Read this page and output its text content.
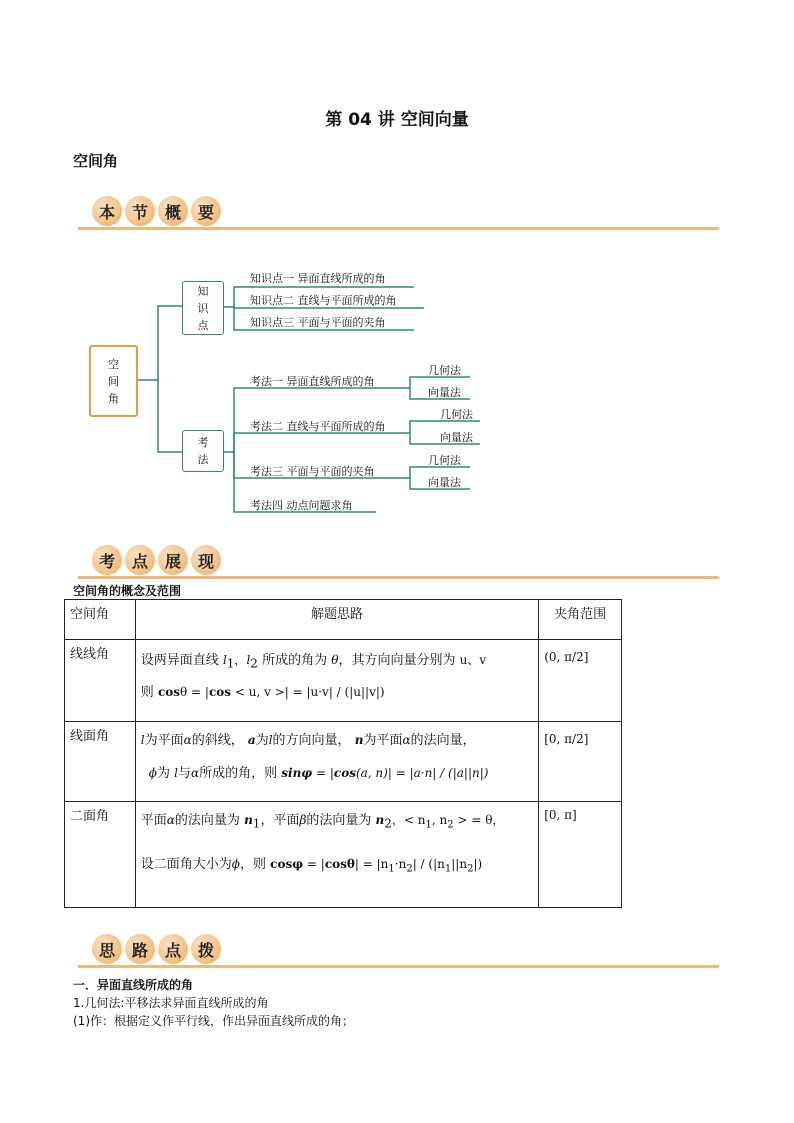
第 04 讲 空间向量
空间角
本	节	概	要
空间角
知识点
考法
知识点一 异面直线所成的角
知识点二 直线与平面所成的角
知识点三 平面与平面的夹角
考法一 异面直线所成的角
考法二 直线与平面所成的角
考法三 平面与平面的夹角
考法四 动点问题求角
几何法
向量法
几何法
向量法
几何法
向量法
考	点	展	现
空间角的概念及范围
空间角	解题思路	夹角范围
线线角	设两异面直线 $l_1$，$l_2$ 所成的角为 θ，其方向向量分别为 u、v
则 cosθ = |cos < u, v >| = |u·v| / (|u||v|)	(0, π/2]
线面角	l为平面α的斜线， a为l的方向向量， n为平面α的法向量，
ϕ为 l与α所成的角，则 sinφ = |cos(a, n)| = |a·n| / (|a||n|)	[0, π/2]
二面角	平面α的法向量为 $n_1$，平面β的法向量为 $n_2$，< $n_1$, $n_2$ > = θ，
设二面角大小为ϕ，则 $\cos\varphi = |\cos\theta| = |n_1\cdot n_2| / (|n_1||n_2|)$	[0, π]
思	路	点	拨
一．异面直线所成的角
1.几何法:平移法求异面直线所成的角
(1)作：根据定义作平行线，作出异面直线所成的角；
